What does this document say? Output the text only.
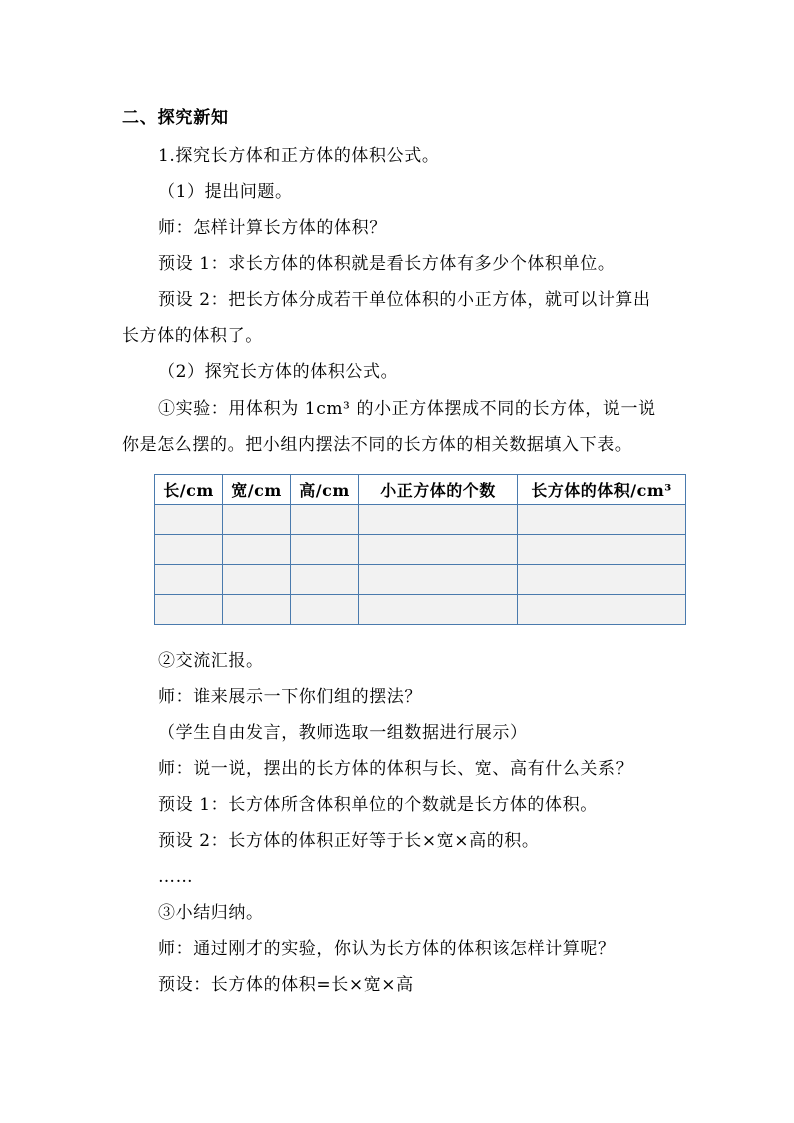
二、探究新知
1.探究长方体和正方体的体积公式。
（1）提出问题。
师：怎样计算长方体的体积？
预设 1：求长方体的体积就是看长方体有多少个体积单位。
预设 2：把长方体分成若干单位体积的小正方体，就可以计算出
长方体的体积了。
（2）探究长方体的体积公式。
①实验：用体积为 1cm³ 的小正方体摆成不同的长方体，说一说
你是怎么摆的。把小组内摆法不同的长方体的相关数据填入下表。
长/cm	宽/cm	高/cm	小正方体的个数	长方体的体积/cm³

②交流汇报。
师：谁来展示一下你们组的摆法？
（学生自由发言，教师选取一组数据进行展示）
师：说一说，摆出的长方体的体积与长、宽、高有什么关系？
预设 1：长方体所含体积单位的个数就是长方体的体积。
预设 2：长方体的体积正好等于长×宽×高的积。
……
③小结归纳。
师：通过刚才的实验，你认为长方体的体积该怎样计算呢？
预设：长方体的体积=长×宽×高
